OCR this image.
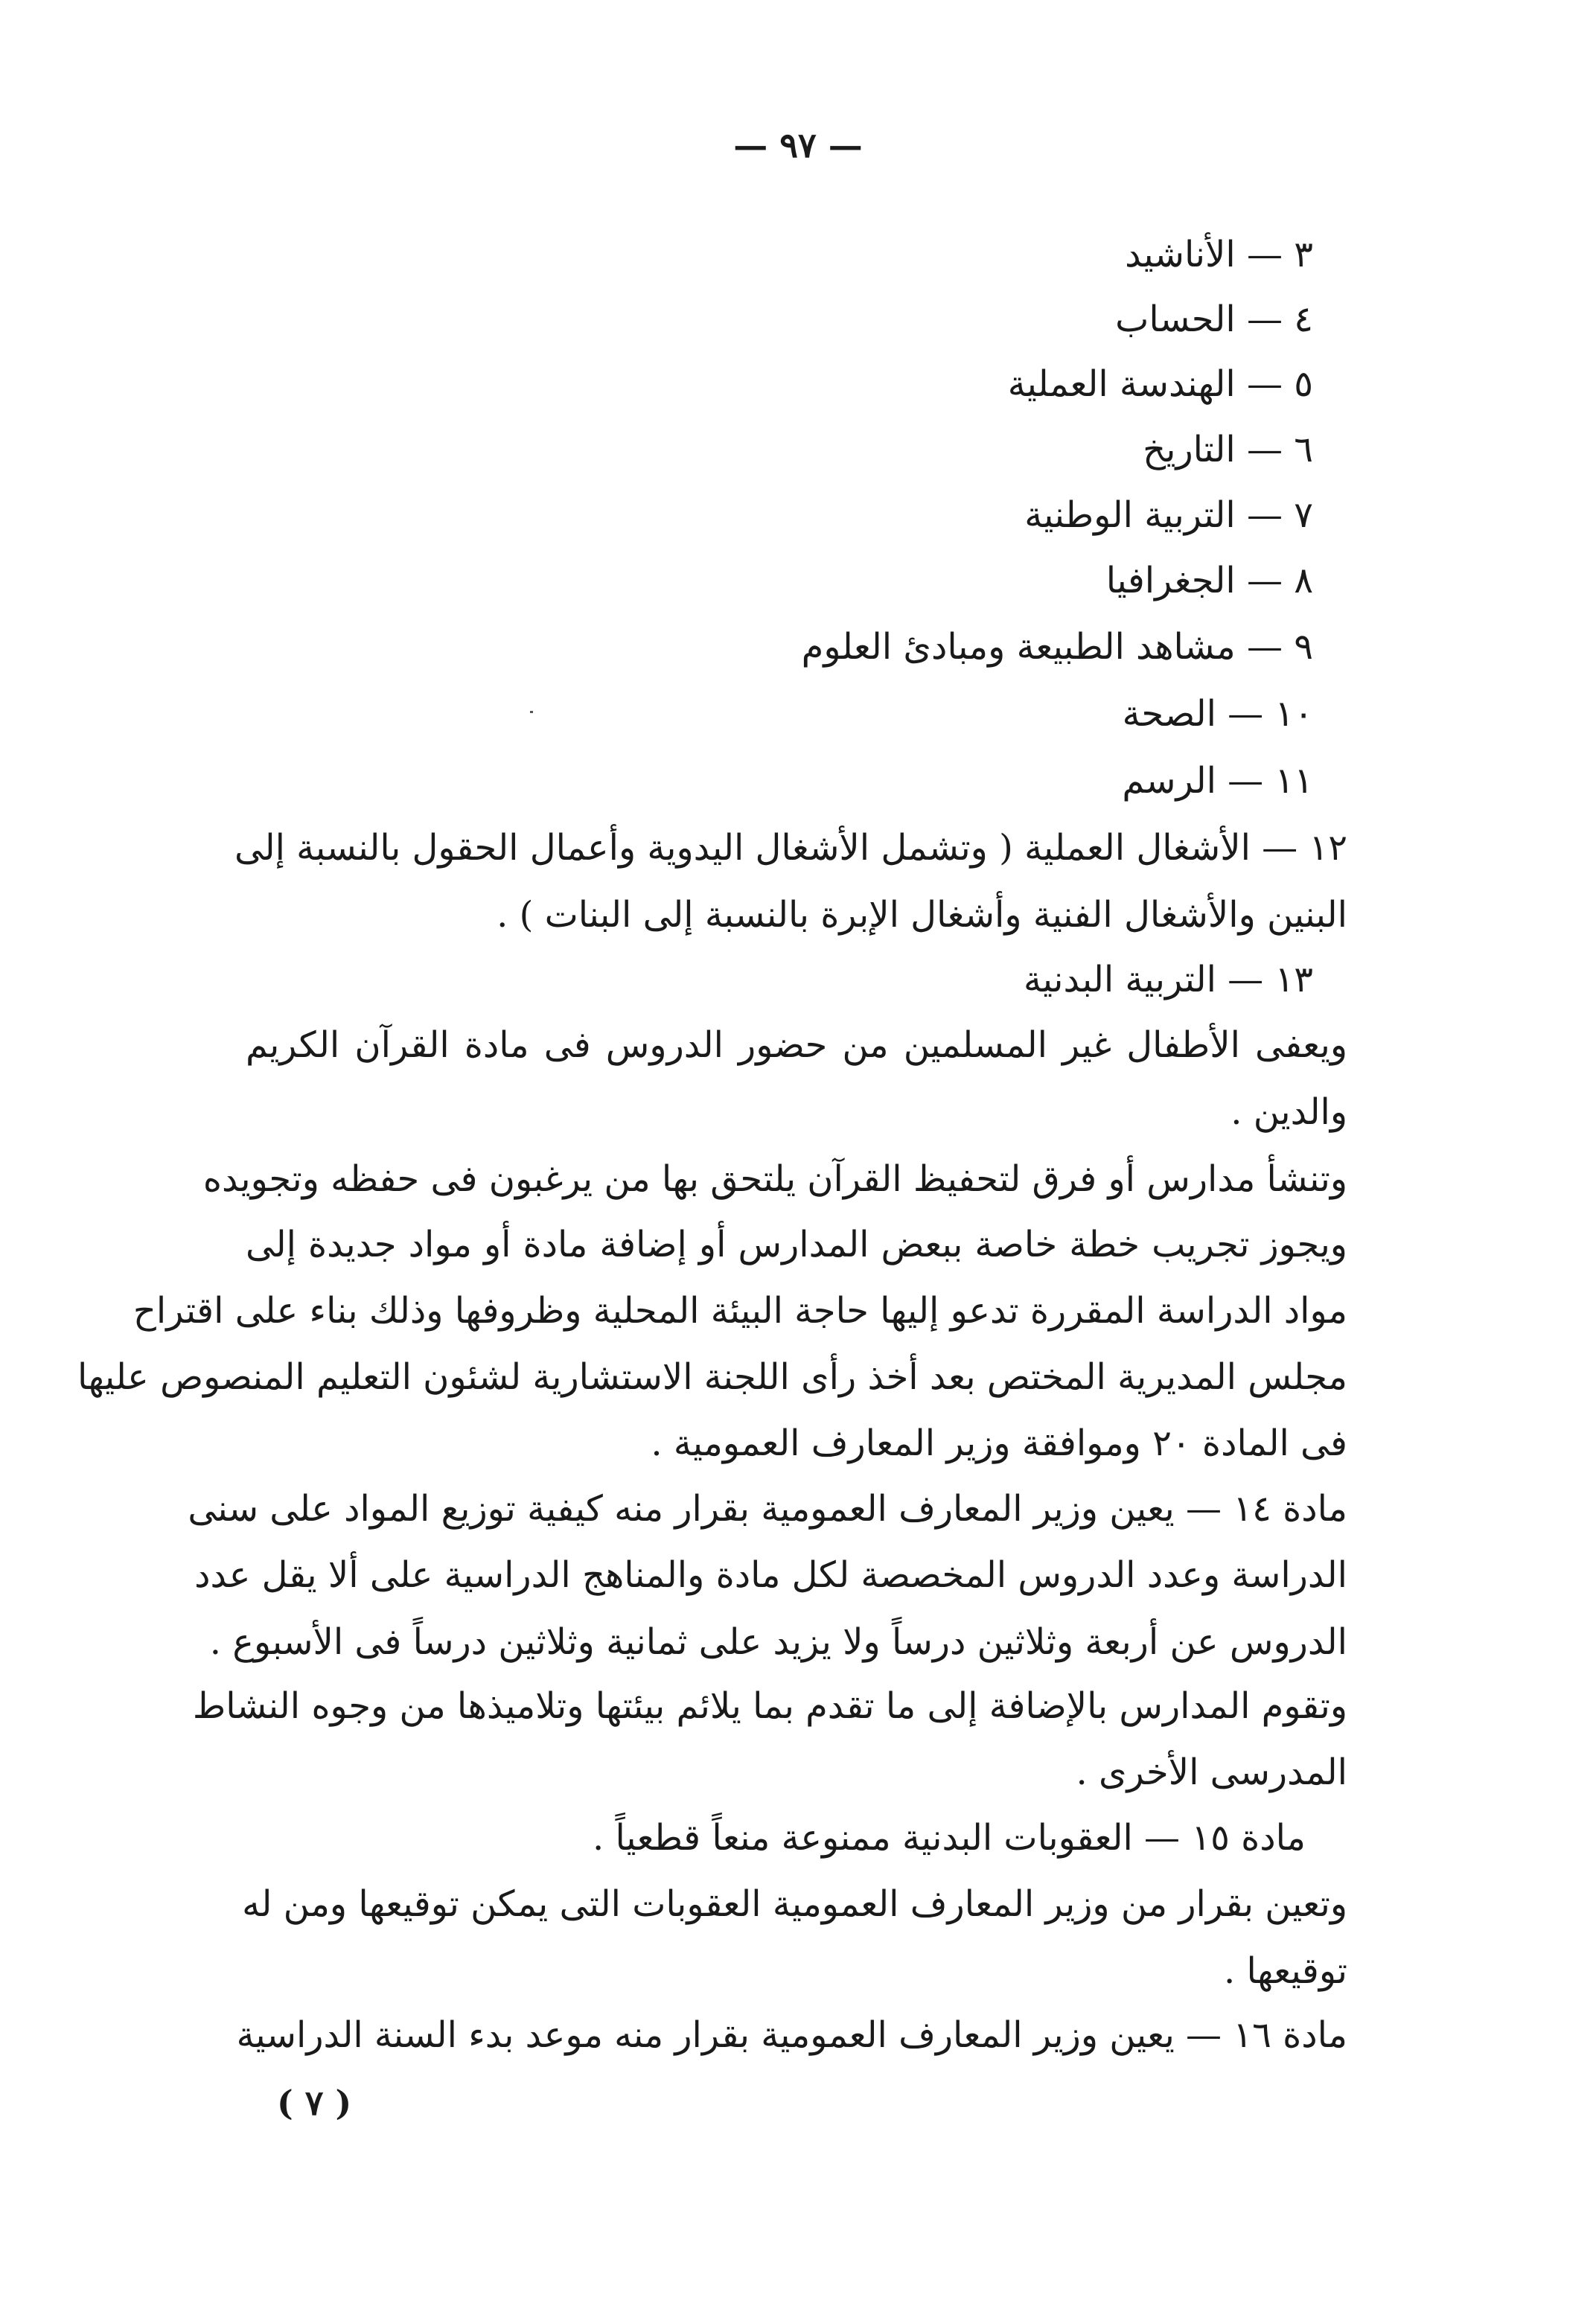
— ٩٧ —
٣ — الأناشيد
٤ — الحساب
٥ — الهندسة العملية
٦ — التاريخ
٧ — التربية الوطنية
٨ — الجغرافيا
٩ — مشاهد الطبيعة ومبادئ العلوم
١٠ — الصحة
١١ — الرسم
١٢ — الأشغال العملية ( وتشمل الأشغال اليدوية وأعمال الحقول بالنسبة إلى
البنين والأشغال الفنية وأشغال الإبرة بالنسبة إلى البنات ) .
١٣ — التربية البدنية
ويعفى الأطفال غير المسلمين من حضور الدروس فى مادة القرآن الكريم
والدين .
وتنشأ مدارس أو فرق لتحفيظ القرآن يلتحق بها من يرغبون فى حفظه وتجويده
ويجوز تجريب خطة خاصة ببعض المدارس أو إضافة مادة أو مواد جديدة إلى
مواد الدراسة المقررة تدعو إليها حاجة البيئة المحلية وظروفها وذلك بناء على اقتراح
مجلس المديرية المختص بعد أخذ رأى اللجنة الاستشارية لشئون التعليم المنصوص عليها
فى المادة ٢٠ وموافقة وزير المعارف العمومية .
مادة ١٤ — يعين وزير المعارف العمومية بقرار منه كيفية توزيع المواد على سنى
الدراسة وعدد الدروس المخصصة لكل مادة والمناهج الدراسية على ألا يقل عدد
الدروس عن أربعة وثلاثين درساً ولا يزيد على ثمانية وثلاثين درساً فى الأسبوع .
وتقوم المدارس بالإضافة إلى ما تقدم بما يلائم بيئتها وتلاميذها من وجوه النشاط
المدرسى الأخرى .
مادة ١٥ — العقوبات البدنية ممنوعة منعاً قطعياً .
وتعين بقرار من وزير المعارف العمومية العقوبات التى يمكن توقيعها ومن له
توقيعها .
مادة ١٦ — يعين وزير المعارف العمومية بقرار منه موعد بدء السنة الدراسية
( ٧ )
